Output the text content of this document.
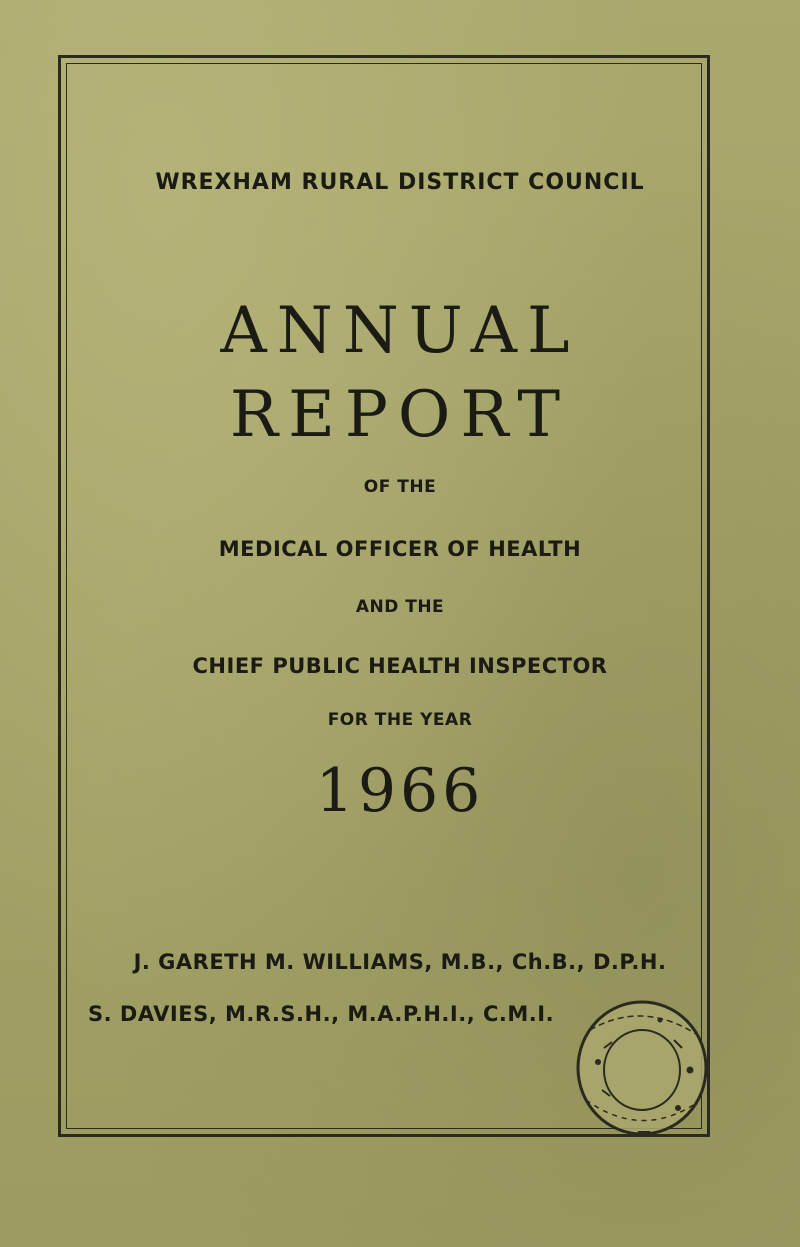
WREXHAM RURAL DISTRICT COUNCIL
ANNUAL
REPORT
OF THE
MEDICAL OFFICER OF HEALTH
AND THE
CHIEF PUBLIC HEALTH INSPECTOR
FOR THE YEAR
1966
J. GARETH M. WILLIAMS, M.B., Ch.B., D.P.H.
S. DAVIES, M.R.S.H., M.A.P.H.I., C.M.I.
